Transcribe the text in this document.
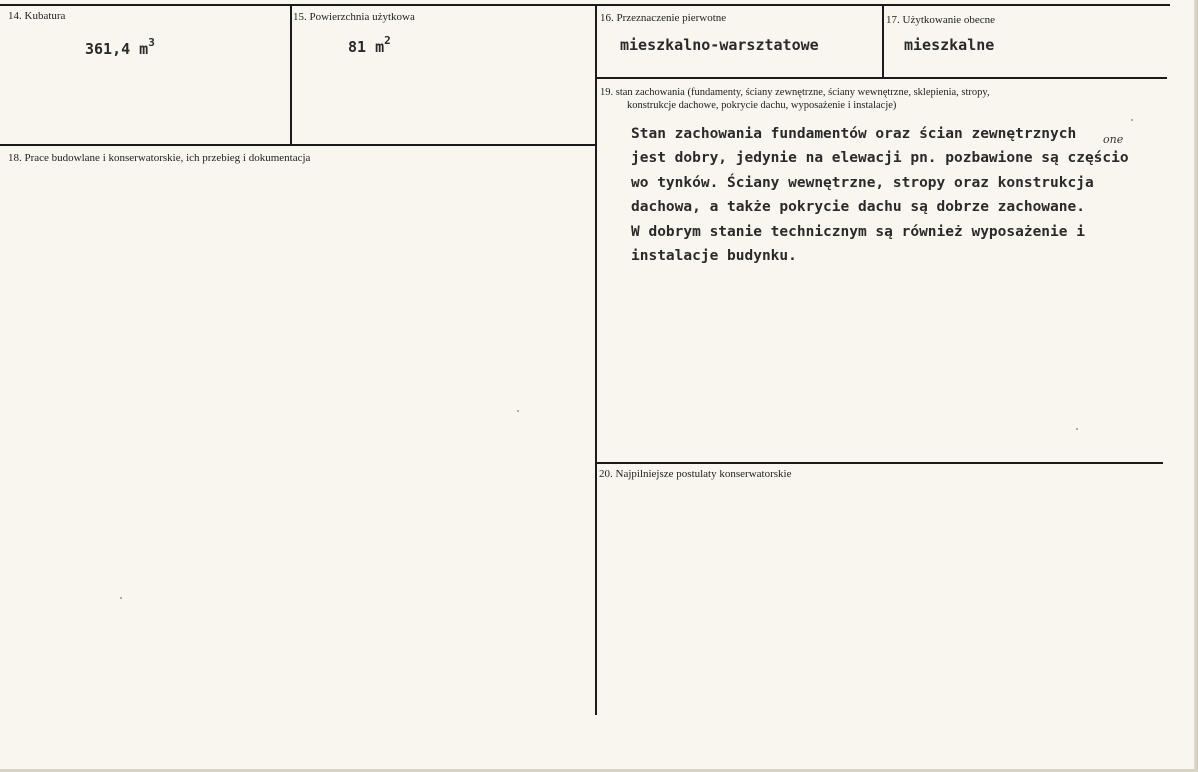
14. Kubatura
361,4 $m^3$
15. Powierzchnia użytkowa
81 $m^2$
16. Przeznaczenie pierwotne
mieszkalno-warsztatowe
17. Użytkowanie obecne
mieszkalne
18. Prace budowlane i konserwatorskie, ich przebieg i dokumentacja
19. stan zachowania (fundamenty, ściany zewnętrzne, ściany wewnętrzne, sklepienia, stropy,
konstrukcje dachowe, pokrycie dachu, wyposażenie i instalacje)
one
Stan zachowania fundamentów oraz ścian zewnętrznych
jest dobry, jedynie na elewacji pn. pozbawione są częścio
wo tynków. Ściany wewnętrzne, stropy oraz konstrukcja
dachowa, a także pokrycie dachu są dobrze zachowane.
W dobrym stanie technicznym są również wyposażenie i
instalacje budynku.
20. Najpilniejsze postulaty konserwatorskie
